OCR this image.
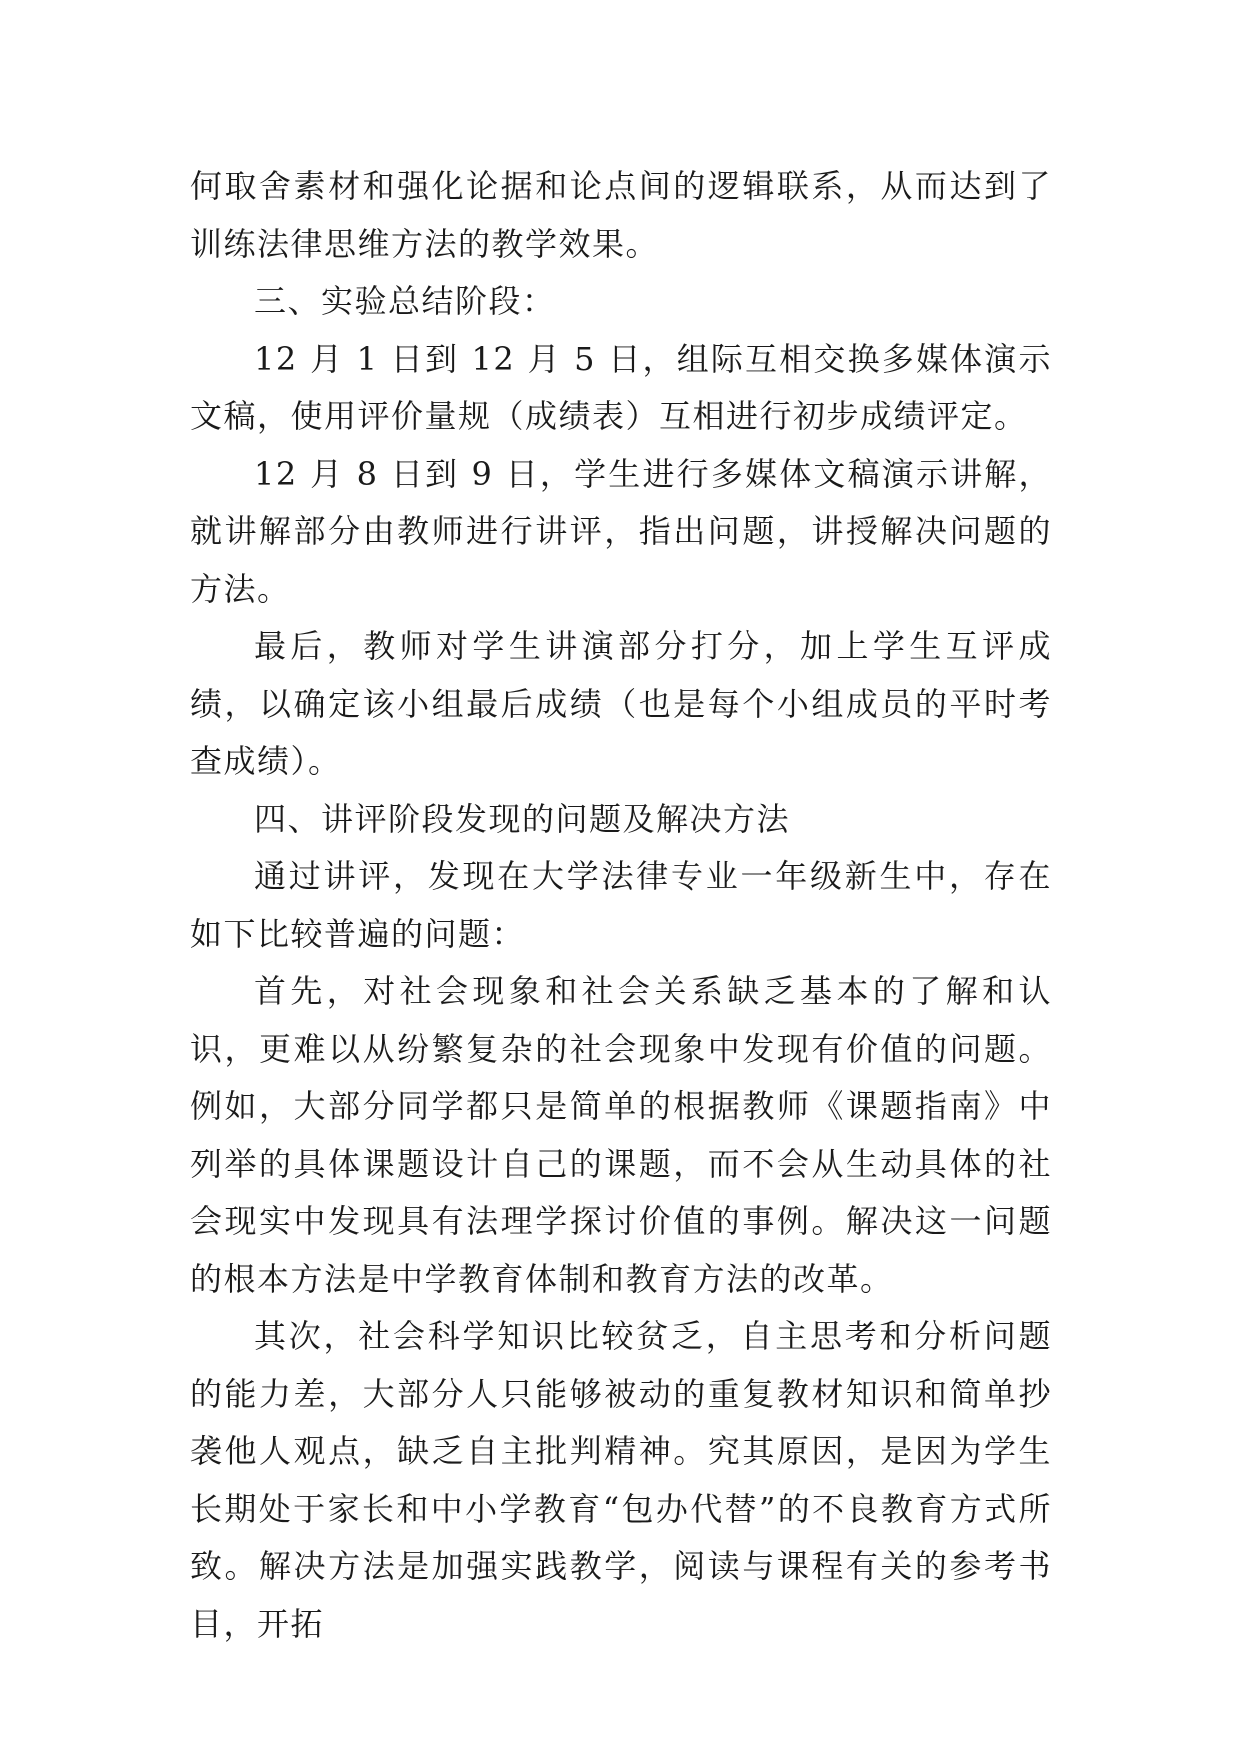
何取舍素材和强化论据和论点间的逻辑联系，从而达到了训练法律思维方法的教学效果。

三、实验总结阶段：

12 月 1 日到 12 月 5 日，组际互相交换多媒体演示文稿，使用评价量规（成绩表）互相进行初步成绩评定。

12 月 8 日到 9 日，学生进行多媒体文稿演示讲解，就讲解部分由教师进行讲评，指出问题，讲授解决问题的方法。

最后，教师对学生讲演部分打分，加上学生互评成绩，以确定该小组最后成绩（也是每个小组成员的平时考查成绩）。

四、讲评阶段发现的问题及解决方法

通过讲评，发现在大学法律专业一年级新生中，存在如下比较普遍的问题：

首先，对社会现象和社会关系缺乏基本的了解和认识，更难以从纷繁复杂的社会现象中发现有价值的问题。例如，大部分同学都只是简单的根据教师《课题指南》中列举的具体课题设计自己的课题，而不会从生动具体的社会现实中发现具有法理学探讨价值的事例。解决这一问题的根本方法是中学教育体制和教育方法的改革。

其次，社会科学知识比较贫乏，自主思考和分析问题的能力差，大部分人只能够被动的重复教材知识和简单抄袭他人观点，缺乏自主批判精神。究其原因，是因为学生长期处于家长和中小学教育“包办代替”的不良教育方式所致。解决方法是加强实践教学，阅读与课程有关的参考书目，开拓
